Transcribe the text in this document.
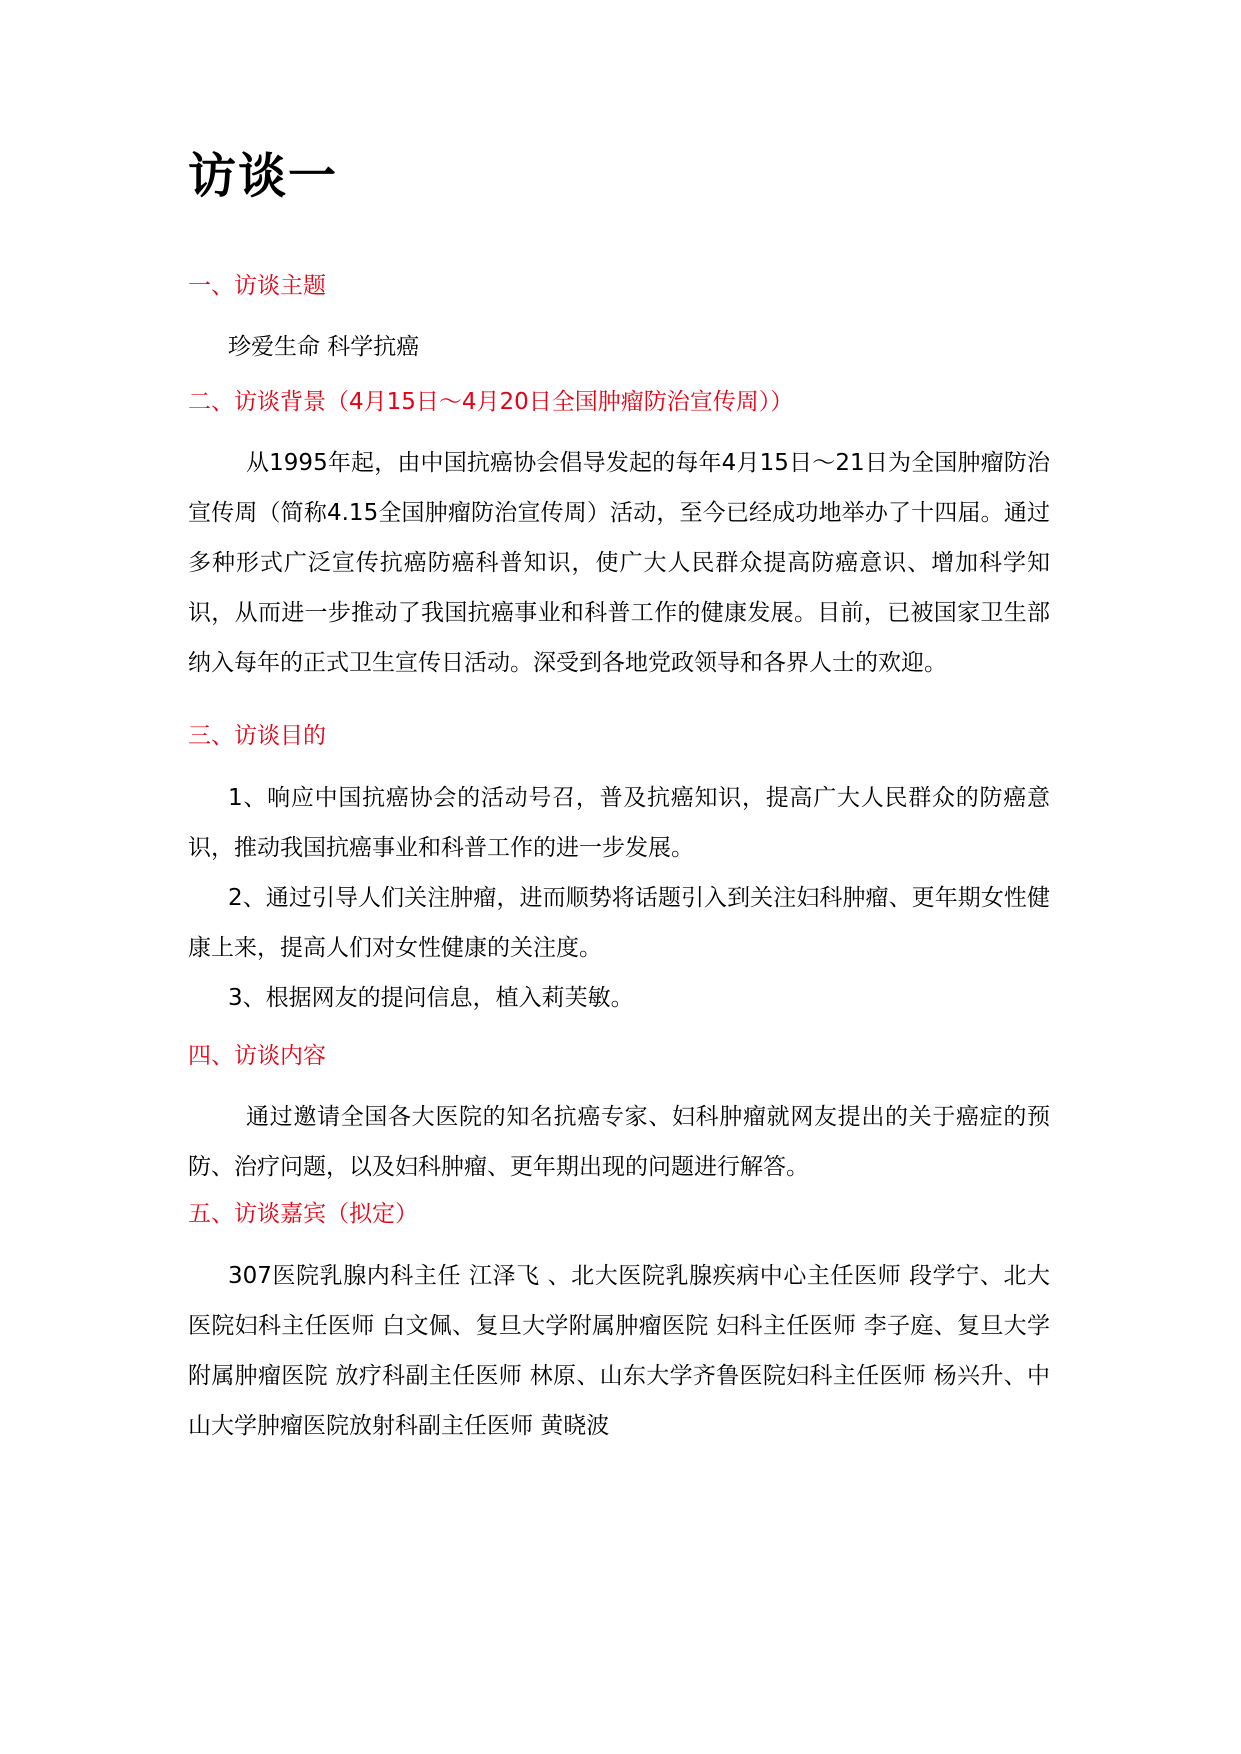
访谈一
一、访谈主题

珍爱生命 科学抗癌

二、访谈背景（4月15日～4月20日全国肿瘤防治宣传周））

从1995年起，由中国抗癌协会倡导发起的每年4月15日～21日为全国肿瘤防治宣传周（简称4.15全国肿瘤防治宣传周）活动，至今已经成功地举办了十四届。通过多种形式广泛宣传抗癌防癌科普知识，使广大人民群众提高防癌意识、增加科学知识，从而进一步推动了我国抗癌事业和科普工作的健康发展。目前，已被国家卫生部纳入每年的正式卫生宣传日活动。深受到各地党政领导和各界人士的欢迎。

三、访谈目的

1、响应中国抗癌协会的活动号召，普及抗癌知识，提高广大人民群众的防癌意识，推动我国抗癌事业和科普工作的进一步发展。

2、通过引导人们关注肿瘤，进而顺势将话题引入到关注妇科肿瘤、更年期女性健康上来，提高人们对女性健康的关注度。

3、根据网友的提问信息，植入莉芙敏。

四、访谈内容

通过邀请全国各大医院的知名抗癌专家、妇科肿瘤就网友提出的关于癌症的预防、治疗问题，以及妇科肿瘤、更年期出现的问题进行解答。

五、访谈嘉宾（拟定）

307医院乳腺内科主任 江泽飞 、北大医院乳腺疾病中心主任医师 段学宁、北大医院妇科主任医师 白文佩、复旦大学附属肿瘤医院 妇科主任医师 李子庭、复旦大学附属肿瘤医院 放疗科副主任医师 林原、山东大学齐鲁医院妇科主任医师 杨兴升、中山大学肿瘤医院放射科副主任医师 黄晓波
